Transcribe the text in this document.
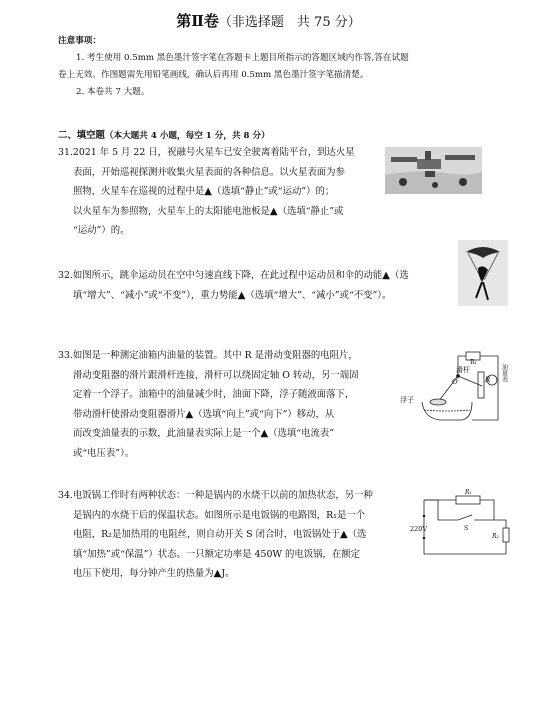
第Ⅱ卷（非选择题　共 75 分）
注意事项：
1. 考生使用 0.5mm 黑色墨汁签字笔在答题卡上题目所指示的答题区域内作答,答在试题
卷上无效。作图题需先用铅笔画线，确认后再用 0.5mm 黑色墨汁签字笔描清楚。
2. 本卷共 7 大题。
二、填空题（本大题共 4 小题，每空 1 分，共 8 分）
31.2021 年 5 月 22 日，祝融号火星车已安全驶离着陆平台，到达火星
表面，开始巡视探测并收集火星表面的各种信息。以火星表面为参
照物，火星车在巡视的过程中是▲（选填“静止”或“运动”）的；
以火星车为参照物，火星车上的太阳能电池板是▲（选填“静止”或
“运动”）的。
32.如图所示，跳伞运动员在空中匀速直线下降，在此过程中运动员和伞的动能▲（选
填“增大”、“减小”或“不变”），重力势能▲（选填“增大”、“减小”或“不变”）。
33.如图是一种测定油箱内油量的装置。其中 R 是滑动变阻器的电阻片，
滑动变阻器的滑片跟滑杆连接，滑杆可以绕固定轴 O 转动，另一端固
定着一个浮子。油箱中的油量减少时，油面下降，浮子随液面落下，
带动滑杆使滑动变阻器滑片▲（选填“向上”或“向下”）移动，从
而改变油量表的示数，此油量表实际上是一个▲（选填“电流表”
或“电压表”）。
R₁
滑杆
R
O	油量表
浮子
34.电饭锅工作时有两种状态：一种是锅内的水烧干以前的加热状态，另一种
是锅内的水烧干后的保温状态。如图所示是电饭锅的电路图，R₁是一个
电阻，R₂是加热用的电阻丝，则自动开关 S 闭合时，电饭锅处于▲（选
填“加热”或“保温”）状态。一只额定功率是 450W 的电饭锅，在额定
电压下使用，每分钟产生的热量为▲J。
R₁
S
R₂
220V
